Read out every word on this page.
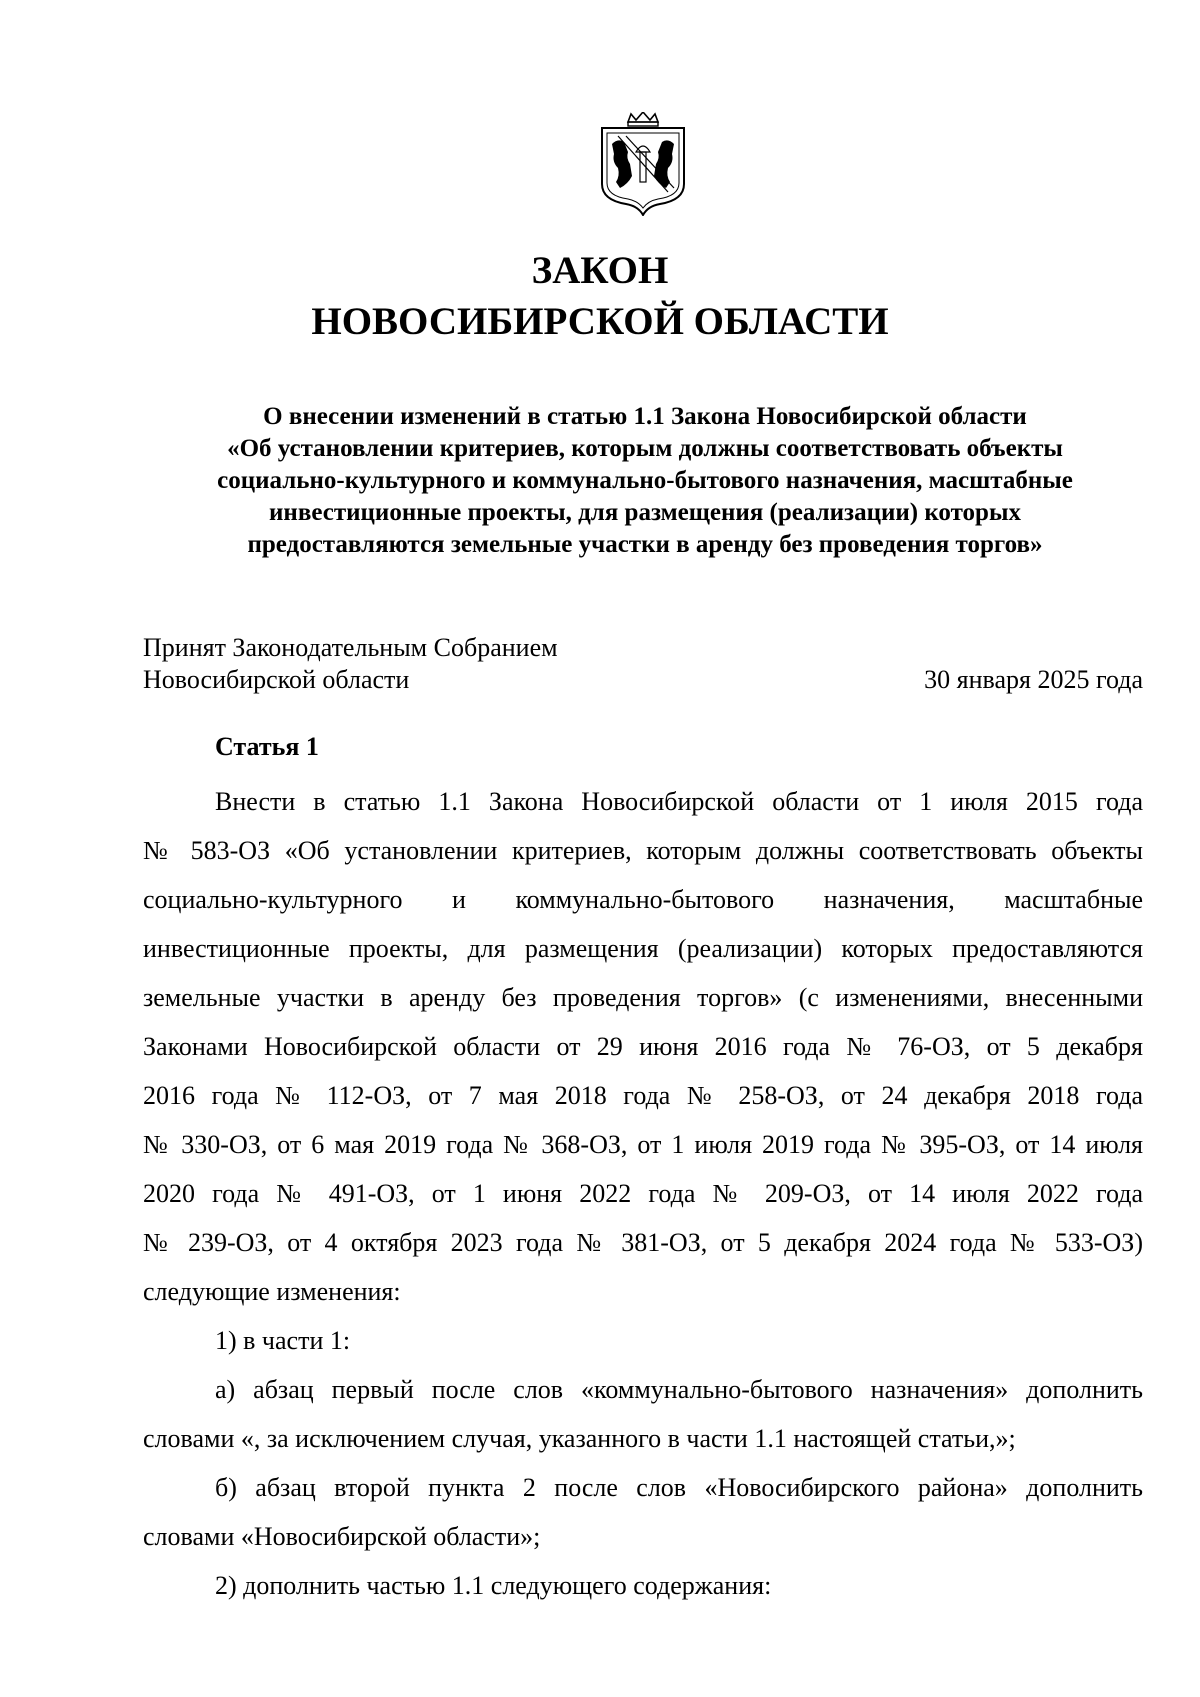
ЗАКОН
НОВОСИБИРСКОЙ ОБЛАСТИ
О внесении изменений в статью 1.1 Закона Новосибирской области
«Об установлении критериев, которым должны соответствовать объекты
социально-культурного и коммунально-бытового назначения, масштабные
инвестиционные проекты, для размещения (реализации) которых
предоставляются земельные участки в аренду без проведения торгов»

Принят Законодательным Собранием
Новосибирской области	30 января 2025 года

Статья 1
Внести в статью 1.1 Закона Новосибирской области от 1 июля 2015 года
№ 583-ОЗ «Об установлении критериев, которым должны соответствовать объекты
социально-культурного и коммунально-бытового назначения, масштабные
инвестиционные проекты, для размещения (реализации) которых предоставляются
земельные участки в аренду без проведения торгов» (с изменениями, внесенными
Законами Новосибирской области от 29 июня 2016 года № 76-ОЗ, от 5 декабря
2016 года № 112-ОЗ, от 7 мая 2018 года № 258-ОЗ, от 24 декабря 2018 года
№ 330-ОЗ, от 6 мая 2019 года № 368-ОЗ, от 1 июля 2019 года № 395-ОЗ, от 14 июля
2020 года № 491-ОЗ, от 1 июня 2022 года № 209-ОЗ, от 14 июля 2022 года
№ 239-ОЗ, от 4 октября 2023 года № 381-ОЗ, от 5 декабря 2024 года № 533-ОЗ)
следующие изменения:
1) в части 1:
а) абзац первый после слов «коммунально-бытового назначения» дополнить
словами «, за исключением случая, указанного в части 1.1 настоящей статьи,»;
б) абзац второй пункта 2 после слов «Новосибирского района» дополнить
словами «Новосибирской области»;
2) дополнить частью 1.1 следующего содержания:
